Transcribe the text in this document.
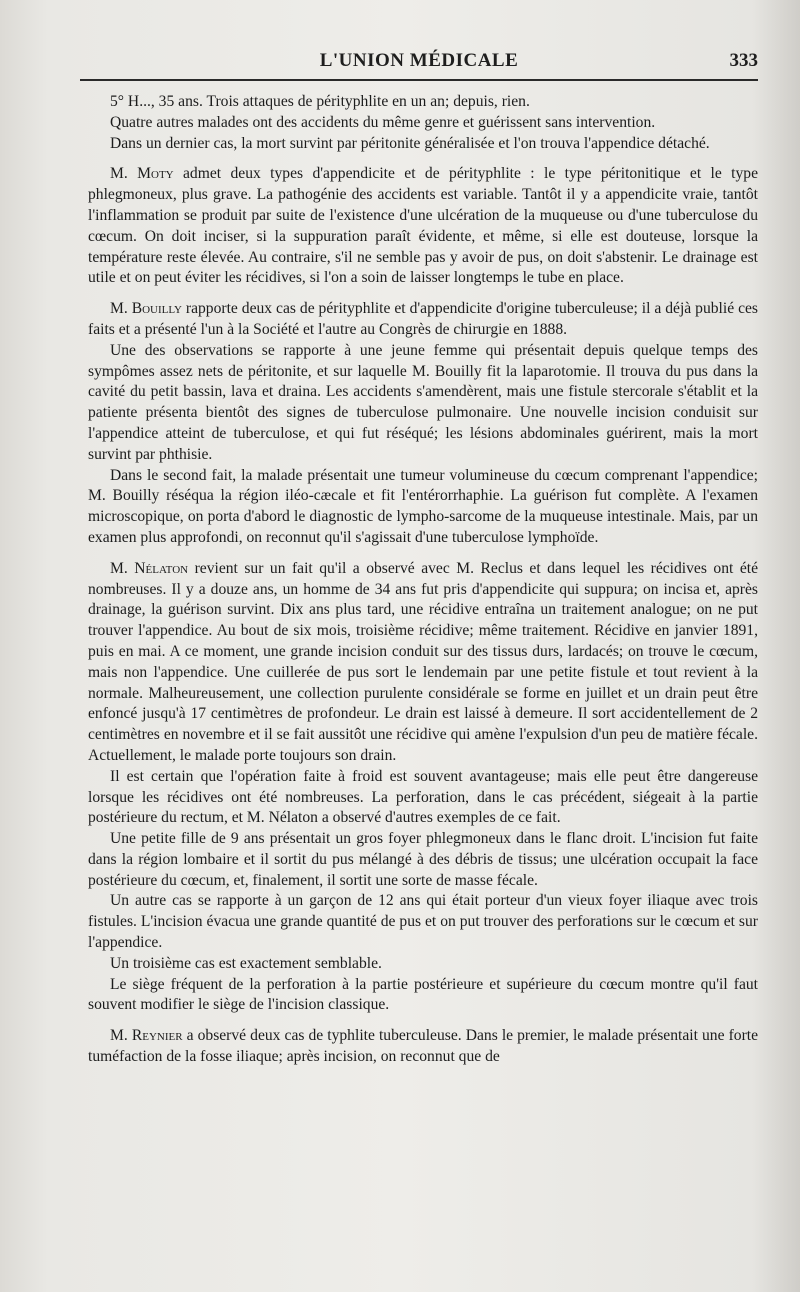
L'UNION MÉDICALE	333

5° H..., 35 ans. Trois attaques de pérityphlite en un an; depuis, rien.

Quatre autres malades ont des accidents du même genre et guérissent sans intervention.

Dans un dernier cas, la mort survint par péritonite généralisée et l'on trouva l'appendice détaché.

M. Moty admet deux types d'appendicite et de pérityphlite : le type péritonitique et le type phlegmoneux, plus grave. La pathogénie des accidents est variable. Tantôt il y a appendicite vraie, tantôt l'inflammation se produit par suite de l'existence d'une ulcération de la muqueuse ou d'une tuberculose du cœcum. On doit inciser, si la suppuration paraît évidente, et même, si elle est douteuse, lorsque la température reste élevée. Au contraire, s'il ne semble pas y avoir de pus, on doit s'abstenir. Le drainage est utile et on peut éviter les récidives, si l'on a soin de laisser longtemps le tube en place.

M. Bouilly rapporte deux cas de pérityphlite et d'appendicite d'origine tuberculeuse; il a déjà publié ces faits et a présenté l'un à la Société et l'autre au Congrès de chirurgie en 1888.

Une des observations se rapporte à une jeune femme qui présentait depuis quelque temps des sympômes assez nets de péritonite, et sur laquelle M. Bouilly fit la laparotomie. Il trouva du pus dans la cavité du petit bassin, lava et draina. Les accidents s'amendèrent, mais une fistule stercorale s'établit et la patiente présenta bientôt des signes de tuberculose pulmonaire. Une nouvelle incision conduisit sur l'appendice atteint de tuberculose, et qui fut réséqué; les lésions abdominales guérirent, mais la mort survint par phthisie.

Dans le second fait, la malade présentait une tumeur volumineuse du cœcum comprenant l'appendice; M. Bouilly réséqua la région iléo-cæcale et fit l'entérorrhaphie. La guérison fut complète. A l'examen microscopique, on porta d'abord le diagnostic de lympho-sarcome de la muqueuse intestinale. Mais, par un examen plus approfondi, on reconnut qu'il s'agissait d'une tuberculose lymphoïde.

M. Nélaton revient sur un fait qu'il a observé avec M. Reclus et dans lequel les récidives ont été nombreuses. Il y a douze ans, un homme de 34 ans fut pris d'appendicite qui suppura; on incisa et, après drainage, la guérison survint. Dix ans plus tard, une récidive entraîna un traitement analogue; on ne put trouver l'appendice. Au bout de six mois, troisième récidive; même traitement. Récidive en janvier 1891, puis en mai. A ce moment, une grande incision conduit sur des tissus durs, lardacés; on trouve le cœcum, mais non l'appendice. Une cuillerée de pus sort le lendemain par une petite fistule et tout revient à la normale. Malheureusement, une collection purulente considérale se forme en juillet et un drain peut être enfoncé jusqu'à 17 centimètres de profondeur. Le drain est laissé à demeure. Il sort accidentellement de 2 centimètres en novembre et il se fait aussitôt une récidive qui amène l'expulsion d'un peu de matière fécale. Actuellement, le malade porte toujours son drain.

Il est certain que l'opération faite à froid est souvent avantageuse; mais elle peut être dangereuse lorsque les récidives ont été nombreuses. La perforation, dans le cas précédent, siégeait à la partie postérieure du rectum, et M. Nélaton a observé d'autres exemples de ce fait.

Une petite fille de 9 ans présentait un gros foyer phlegmoneux dans le flanc droit. L'incision fut faite dans la région lombaire et il sortit du pus mélangé à des débris de tissus; une ulcération occupait la face postérieure du cœcum, et, finalement, il sortit une sorte de masse fécale.

Un autre cas se rapporte à un garçon de 12 ans qui était porteur d'un vieux foyer iliaque avec trois fistules. L'incision évacua une grande quantité de pus et on put trouver des perforations sur le cœcum et sur l'appendice.

Un troisième cas est exactement semblable.

Le siège fréquent de la perforation à la partie postérieure et supérieure du cœcum montre qu'il faut souvent modifier le siège de l'incision classique.

M. Reynier a observé deux cas de typhlite tuberculeuse. Dans le premier, le malade présentait une forte tuméfaction de la fosse iliaque; après incision, on reconnut que de
